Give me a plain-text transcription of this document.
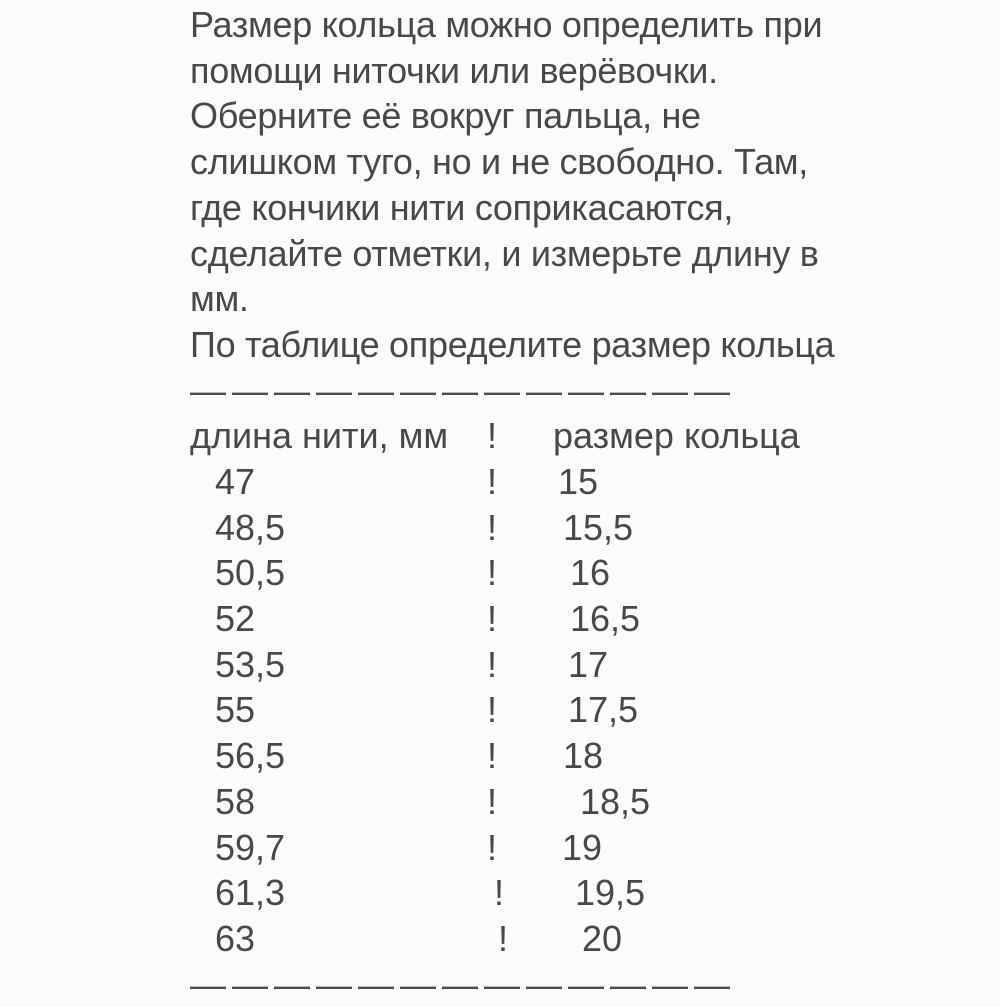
Размер кольца можно определить при
помощи ниточки или верёвочки.
Оберните её вокруг пальца, не
слишком туго, но и не свободно. Там,
где кончики нити соприкасаются,
сделайте отметки, и измерьте длину в
мм.
По таблице определите размер кольца
—————————————
длина нити, мм ! размер кольца
47	! 15
48,5	! 15,5
50,5	! 16
52	! 16,5
53,5	! 17
55	! 17,5
56,5	! 18
58	! 18,5
59,7	! 19
61,3	! 19,5
63	! 20
—————————————
